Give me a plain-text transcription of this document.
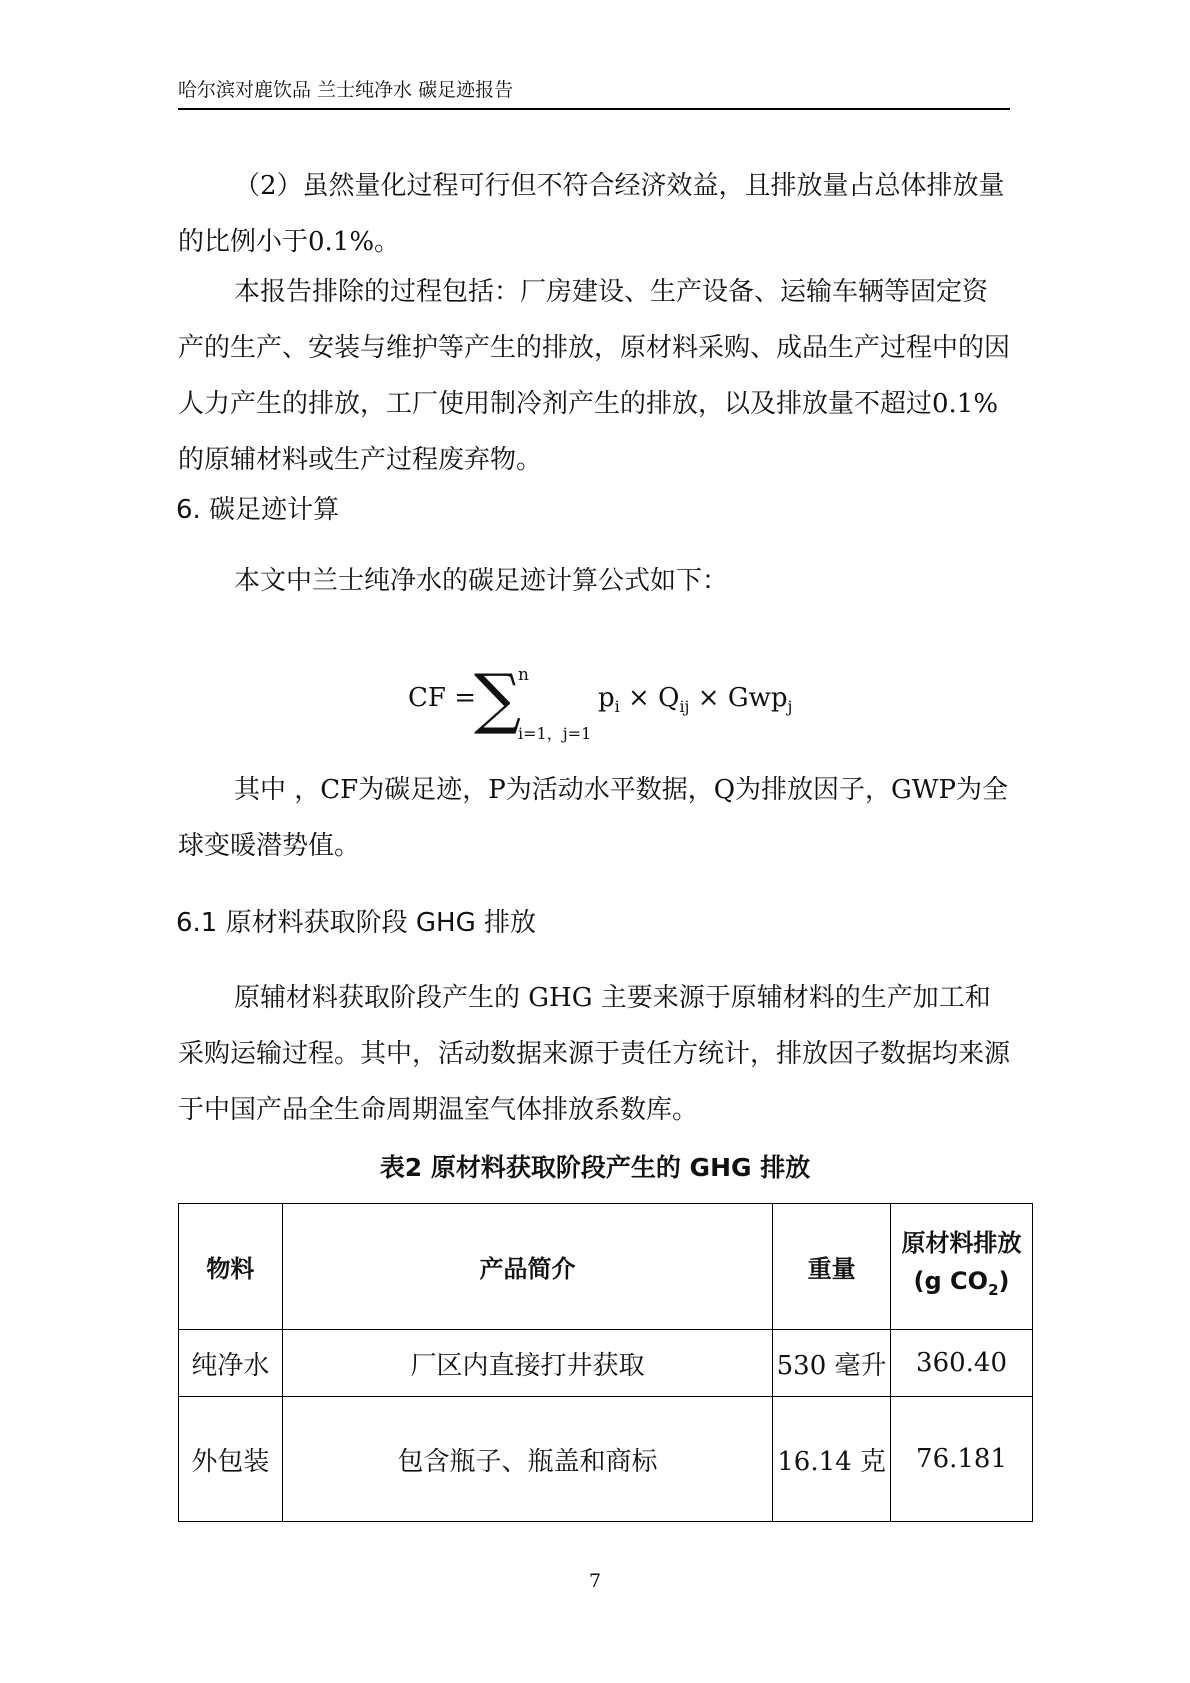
哈尔滨对鹿饮品 兰士纯净水 碳足迹报告

（2）虽然量化过程可行但不符合经济效益，且排放量占总体排放量的比例小于0.1%。

本报告排除的过程包括：厂房建设、生产设备、运输车辆等固定资产的生产、安装与维护等产生的排放，原材料采购、成品生产过程中的因人力产生的排放，工厂使用制冷剂产生的排放，以及排放量不超过0.1%的原辅材料或生产过程废弃物。

6. 碳足迹计算

本文中兰士纯净水的碳足迹计算公式如下：

CF =
∑
n
i=1，j=1
$p_i \times Q_{ij} \times Gwp_j$

其中 ，CF为碳足迹，P为活动水平数据，Q为排放因子，GWP为全球变暖潜势值。

6.1 原材料获取阶段 GHG 排放

原辅材料获取阶段产生的 GHG 主要来源于原辅材料的生产加工和采购运输过程。其中，活动数据来源于责任方统计，排放因子数据均来源于中国产品全生命周期温室气体排放系数库。

表2 原材料获取阶段产生的 GHG 排放
物料	产品简介	重量	原材料排放
(g $CO_2$)

纯净水	厂区内直接打井获取	530 毫升	360.40
外包装	包含瓶子、瓶盖和商标	16.14 克	76.181
7
